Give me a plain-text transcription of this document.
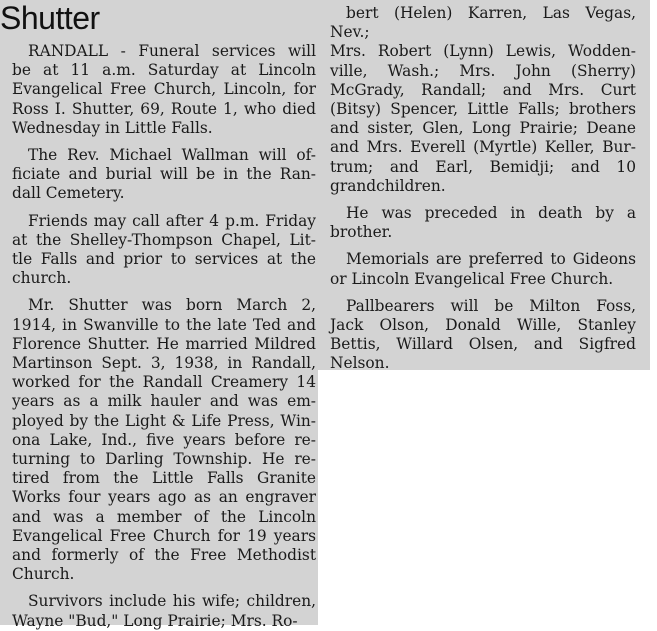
Shutter
RANDALL - Funeral services will
be at 11 a.m. Saturday at Lincoln
Evangelical Free Church, Lincoln, for
Ross I. Shutter, 69, Route 1, who died
Wednesday in Little Falls.
The Rev. Michael Wallman will of-
ficiate and burial will be in the Ran-
dall Cemetery.
Friends may call after 4 p.m. Friday
at the Shelley-Thompson Chapel, Lit-
tle Falls and prior to services at the
church.
Mr. Shutter was born March 2,
1914, in Swanville to the late Ted and
Florence Shutter. He married Mildred
Martinson Sept. 3, 1938, in Randall,
worked for the Randall Creamery 14
years as a milk hauler and was em-
ployed by the Light & Life Press, Win-
ona Lake, Ind., five years before re-
turning to Darling Township. He re-
tired from the Little Falls Granite
Works four years ago as an engraver
and was a member of the Lincoln
Evangelical Free Church for 19 years
and formerly of the Free Methodist
Church.
Survivors include his wife; children,
Wayne "Bud," Long Prairie; Mrs. Ro-
bert (Helen) Karren, Las Vegas, Nev.;
Mrs. Robert (Lynn) Lewis, Wodden-
ville, Wash.; Mrs. John (Sherry)
McGrady, Randall; and Mrs. Curt
(Bitsy) Spencer, Little Falls; brothers
and sister, Glen, Long Prairie; Deane
and Mrs. Everell (Myrtle) Keller, Bur-
trum; and Earl, Bemidji; and 10
grandchildren.
He was preceded in death by a
brother.
Memorials are preferred to Gideons
or Lincoln Evangelical Free Church.
Pallbearers will be Milton Foss,
Jack Olson, Donald Wille, Stanley
Bettis, Willard Olsen, and Sigfred
Nelson.
